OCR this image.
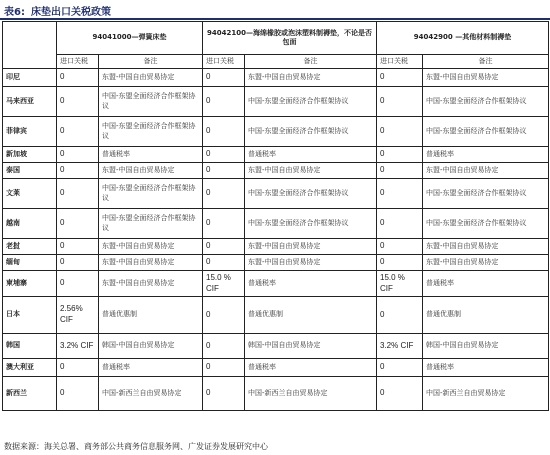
表6: 床垫出口关税政策
	94041000—弹簧床垫		94042100—海绵橡胶或泡沫塑料制褥垫，不论是否包面		94042900 —其他材料制褥垫	
	进口关税	备注	进口关税	备注	进口关税	备注
印尼	0	东盟-中国自由贸易协定	0	东盟-中国自由贸易协定	0	东盟-中国自由贸易协定
马来西亚	0	中国-东盟全面经济合作框架协议	0	中国-东盟全面经济合作框架协议	0	中国-东盟全面经济合作框架协议
菲律宾	0	中国-东盟全面经济合作框架协议	0	中国-东盟全面经济合作框架协议	0	中国-东盟全面经济合作框架协议
新加坡	0	普通税率	0	普通税率	0	普通税率
泰国	0	东盟-中国自由贸易协定	0	东盟-中国自由贸易协定	0	东盟-中国自由贸易协定
文莱	0	中国-东盟全面经济合作框架协议	0	中国-东盟全面经济合作框架协议	0	中国-东盟全面经济合作框架协议
越南	0	中国-东盟全面经济合作框架协议	0	中国-东盟全面经济合作框架协议	0	中国-东盟全面经济合作框架协议
老挝	0	东盟-中国自由贸易协定	0	东盟-中国自由贸易协定	0	东盟-中国自由贸易协定
缅甸	0	东盟-中国自由贸易协定	0	东盟-中国自由贸易协定	0	东盟-中国自由贸易协定
柬埔寨	0	东盟-中国自由贸易协定	15.0 % CIF	普通税率	15.0 % CIF	普通税率
日本	2.56% CIF	普通优惠制	0	普通优惠制	0	普通优惠制
韩国	3.2% CIF	韩国-中国自由贸易协定	0	韩国-中国自由贸易协定	3.2% CIF	韩国-中国自由贸易协定
澳大利亚	0	普通税率	0	普通税率	0	普通税率
新西兰	0	中国-新西兰自由贸易协定	0	中国-新西兰自由贸易协定	0	中国-新西兰自由贸易协定
数据来源：海关总署、商务部公共商务信息服务网、广发证券发展研究中心
